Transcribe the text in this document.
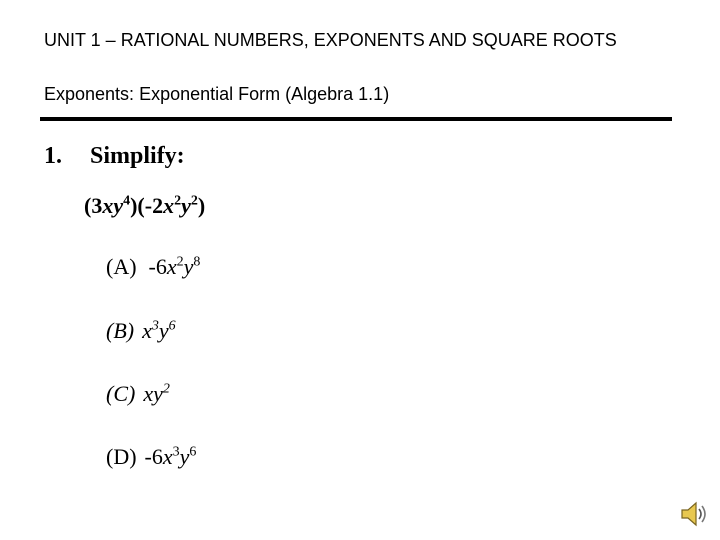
UNIT 1 – RATIONAL NUMBERS, EXPONENTS AND SQUARE ROOTS
Exponents: Exponential Form (Algebra 1.1)
1. Simplify:
$(3xy^4)(-2x^2y^2)$
(A) $-6x^2y^8$
(B) $x^3y^6$
(C) $xy^2$
(D) $-6x^3y^6$
